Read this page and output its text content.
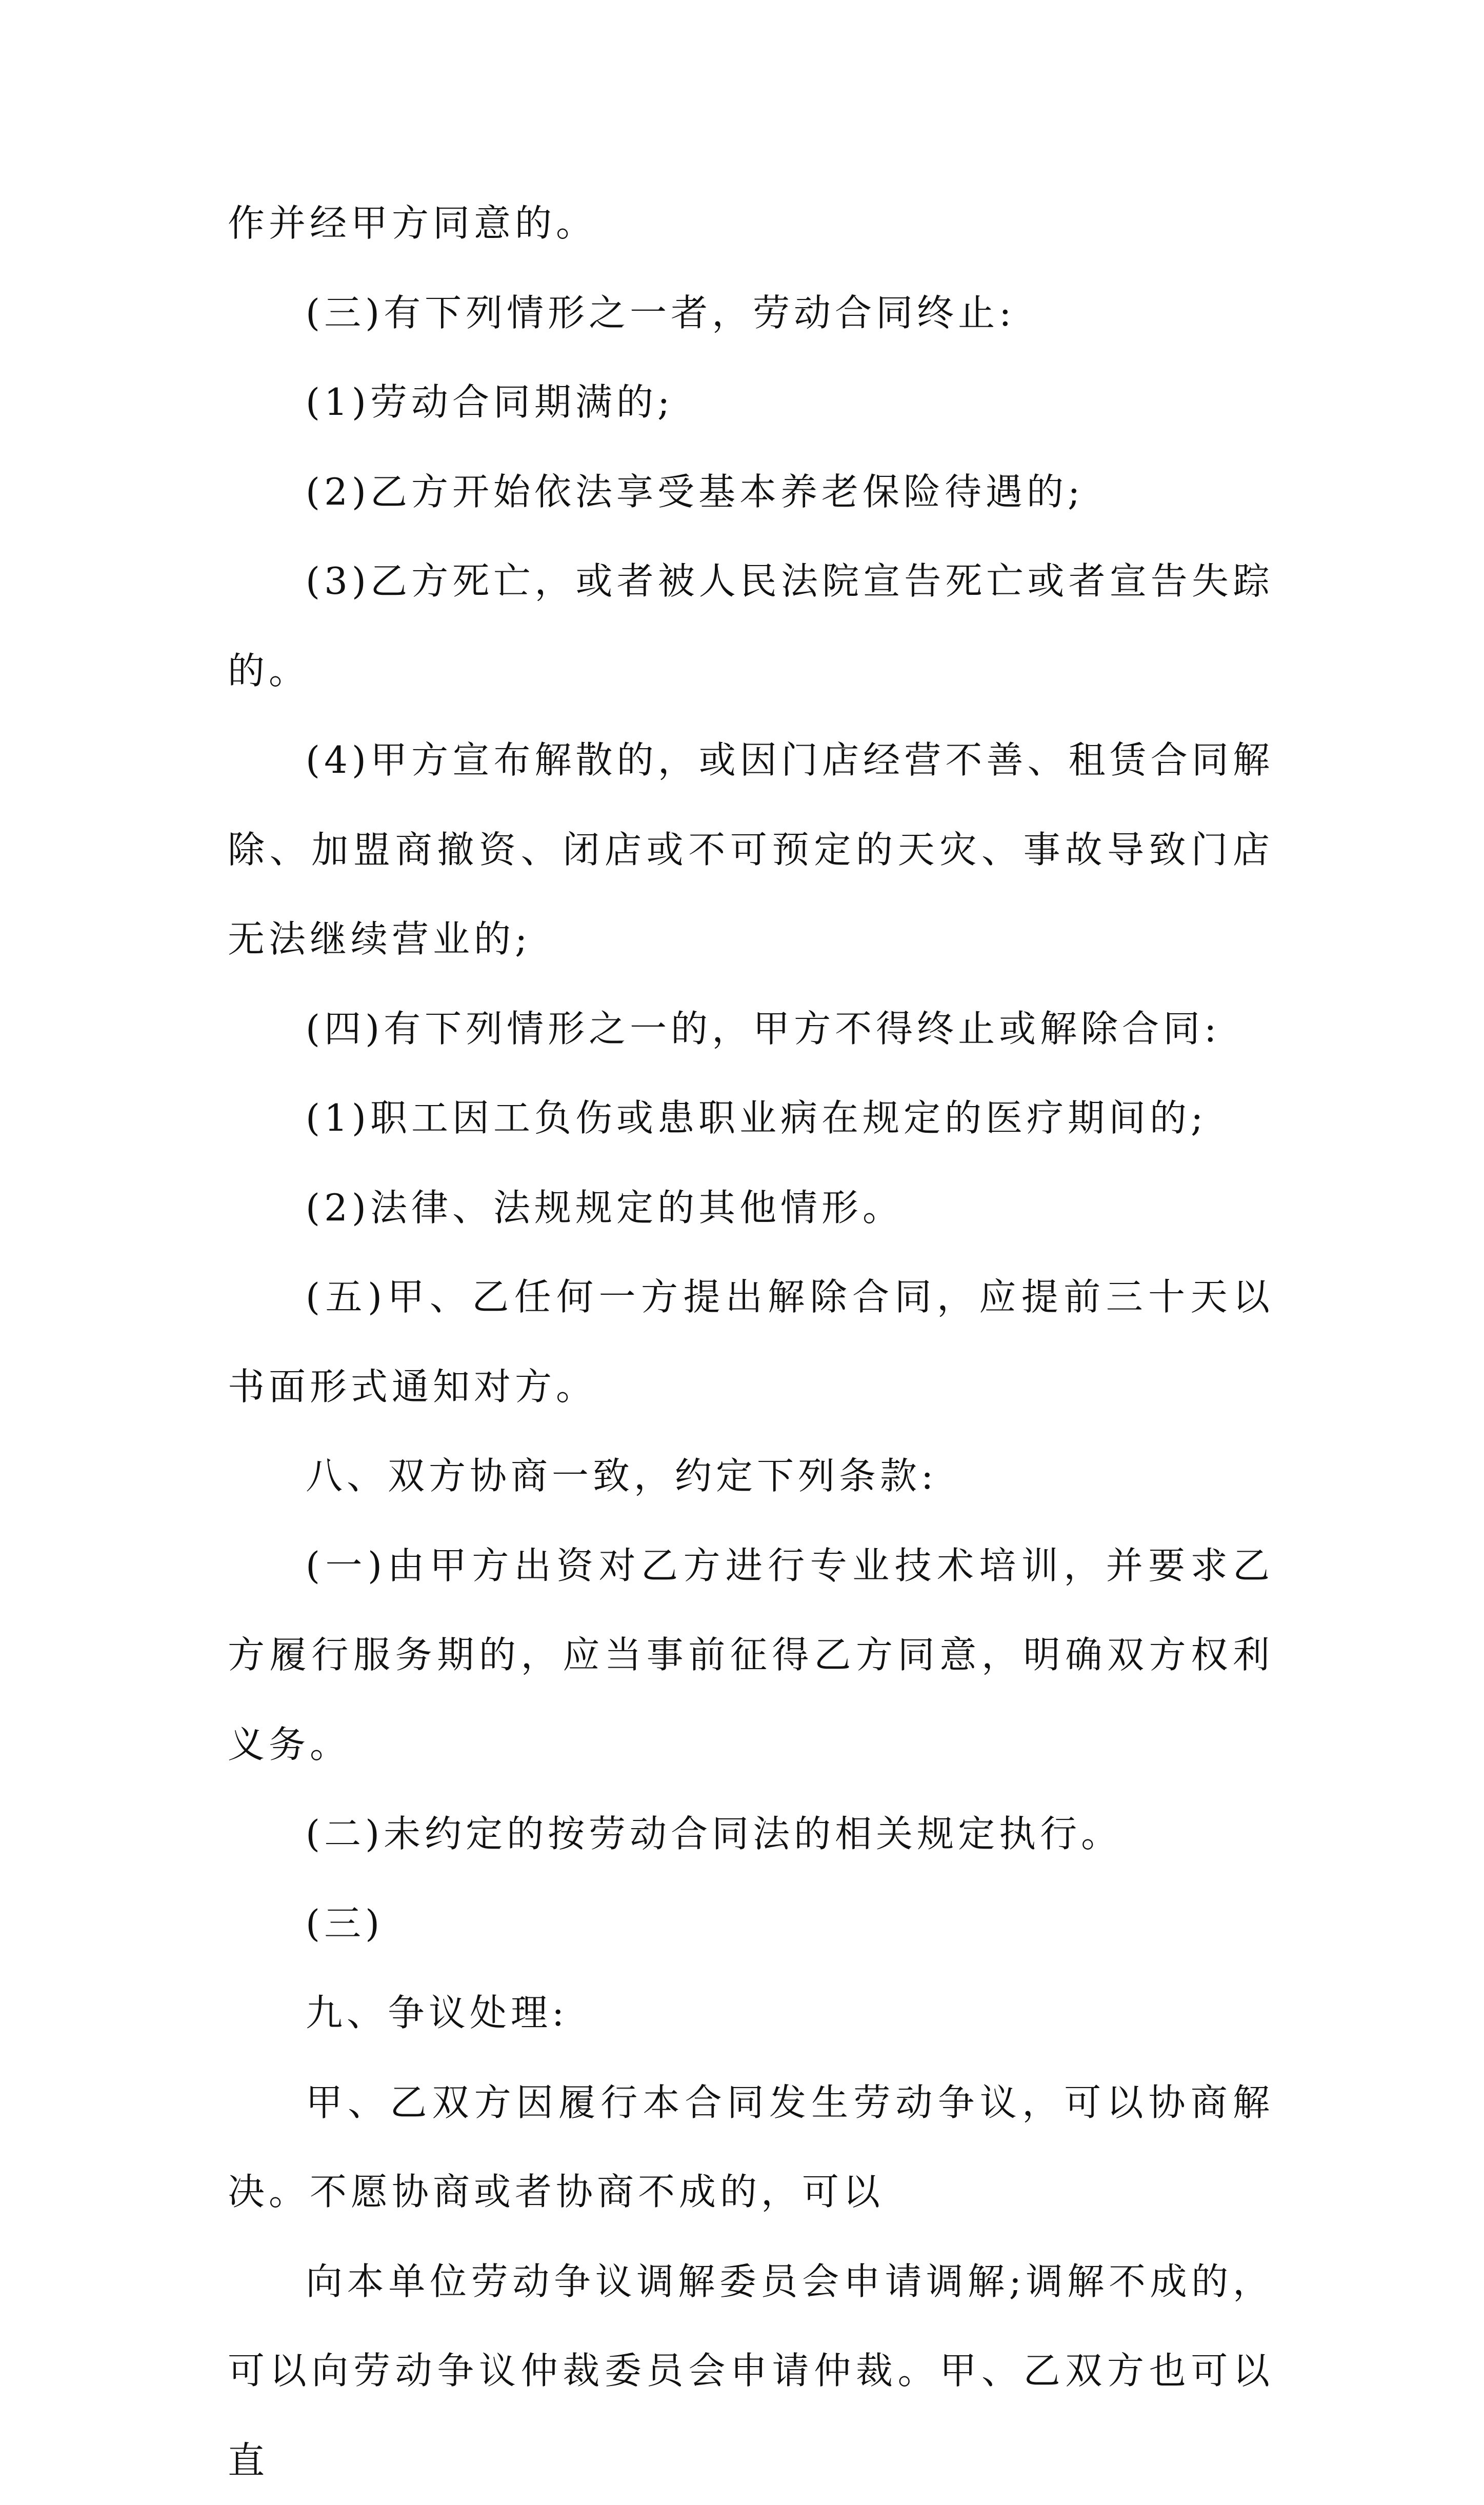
作并经甲方同意的。

(三)有下列情形之一者，劳动合同终止:

(1)劳动合同期满的;

(2)乙方开始依法享受基本养老保险待遇的;

(3)乙方死亡，或者被人民法院宣告死亡或者宣告失踪的。

(4)甲方宣布解散的，或因门店经营不善、租赁合同解除、加盟商撤资、闭店或不可预定的天灾、事故导致门店无法继续营业的;

(四)有下列情形之一的，甲方不得终止或解除合同:

(1)职工因工负伤或患职业病在规定的医疗期间的;

(2)法律、法规规定的其他情形。

(五)甲、乙任何一方提出解除合同，应提前三十天以书面形式通知对方。

八、双方协商一致，约定下列条款:

(一)由甲方出资对乙方进行专业技术培训，并要求乙方履行服务期的，应当事前征得乙方同意，明确双方权利义务。

(二)未约定的按劳动合同法的相关规定执行。

(三)

九、争议处理:

甲、乙双方因履行本合同发生劳动争议，可以协商解决。不愿协商或者协商不成的，可以

向本单位劳动争议调解委员会申请调解;调解不成的，可以向劳动争议仲裁委员会申请仲裁。甲、乙双方也可以直
